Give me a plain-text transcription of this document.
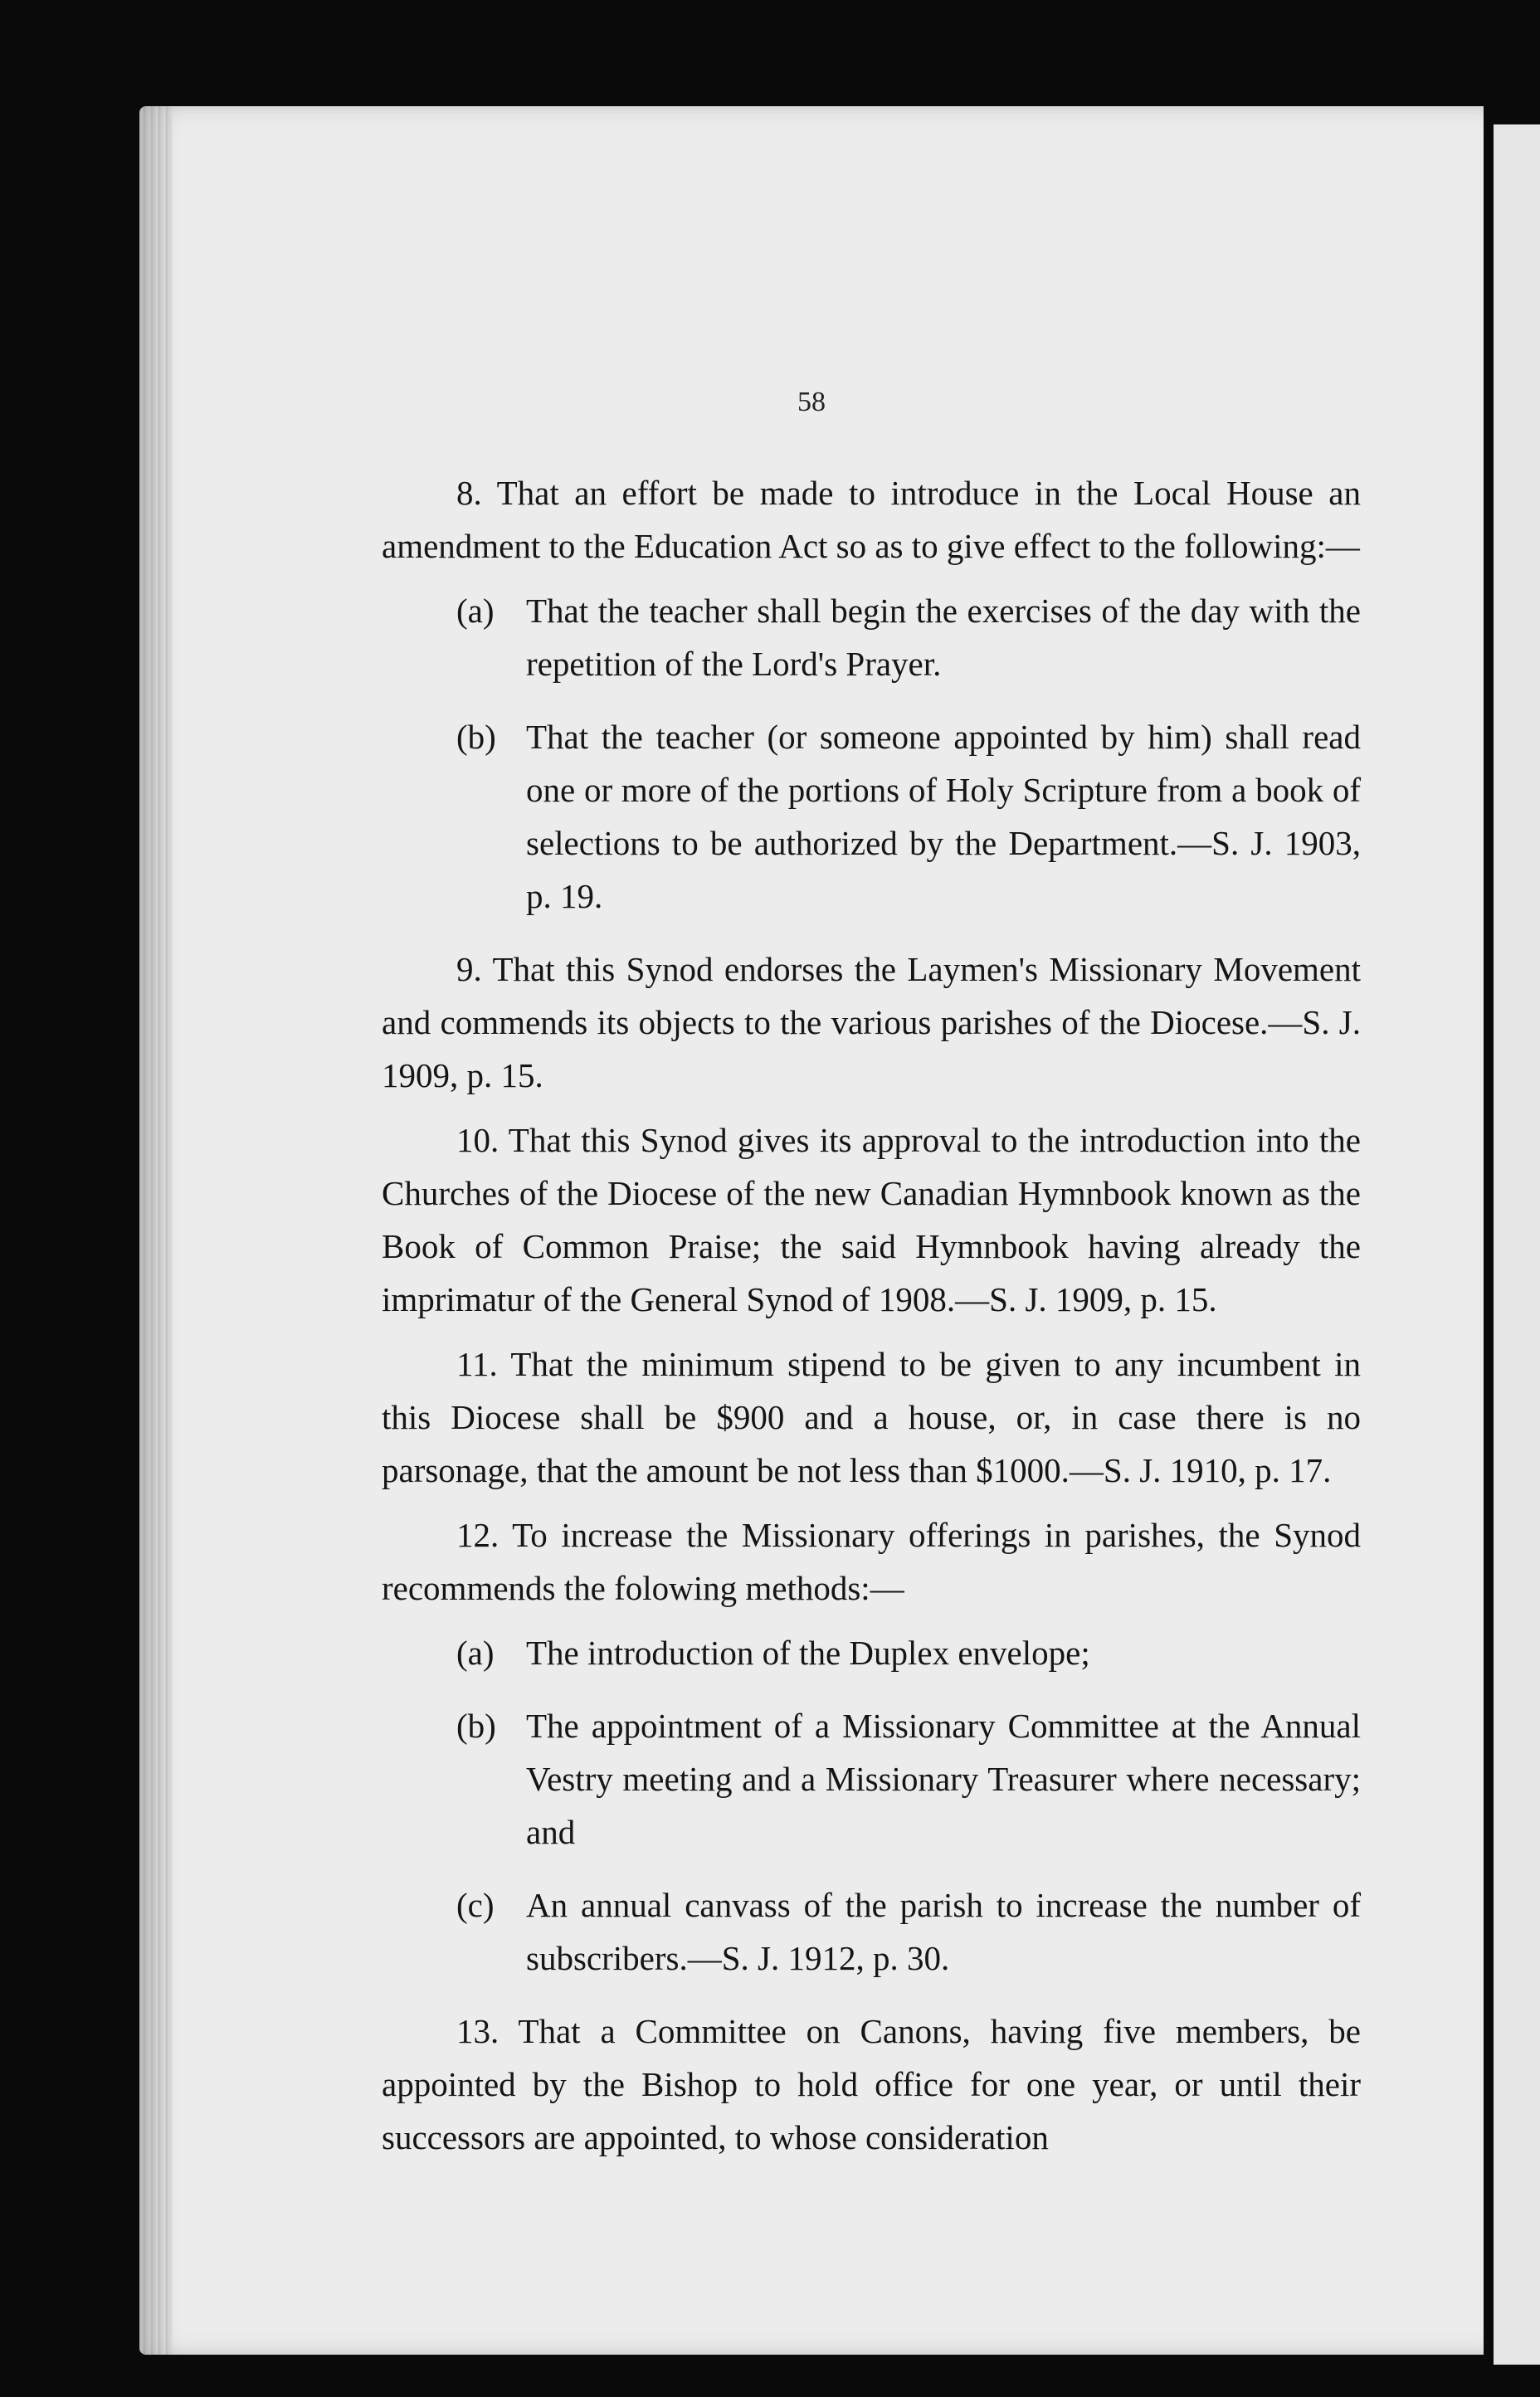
58

8. That an effort be made to introduce in the Local House an amendment to the Education Act so as to give effect to the following:—

(a) That the teacher shall begin the exercises of the day with the repetition of the Lord's Prayer.
(b) That the teacher (or someone appointed by him) shall read one or more of the portions of Holy Scripture from a book of selections to be authorized by the Department.—S. J. 1903, p. 19.

9. That this Synod endorses the Laymen's Missionary Movement and commends its objects to the various parishes of the Diocese.—S. J. 1909, p. 15.

10. That this Synod gives its approval to the introduction into the Churches of the Diocese of the new Canadian Hymnbook known as the Book of Common Praise; the said Hymnbook having already the imprimatur of the General Synod of 1908.—S. J. 1909, p. 15.

11. That the minimum stipend to be given to any incumbent in this Diocese shall be $900 and a house, or, in case there is no parsonage, that the amount be not less than $1000.—S. J. 1910, p. 17.

12. To increase the Missionary offerings in parishes, the Synod recommends the folowing methods:—

(a) The introduction of the Duplex envelope;
(b) The appointment of a Missionary Committee at the Annual Vestry meeting and a Missionary Treasurer where necessary; and
(c) An annual canvass of the parish to increase the number of subscribers.—S. J. 1912, p. 30.

13. That a Committee on Canons, having five members, be appointed by the Bishop to hold office for one year, or until their successors are appointed, to whose consideration
